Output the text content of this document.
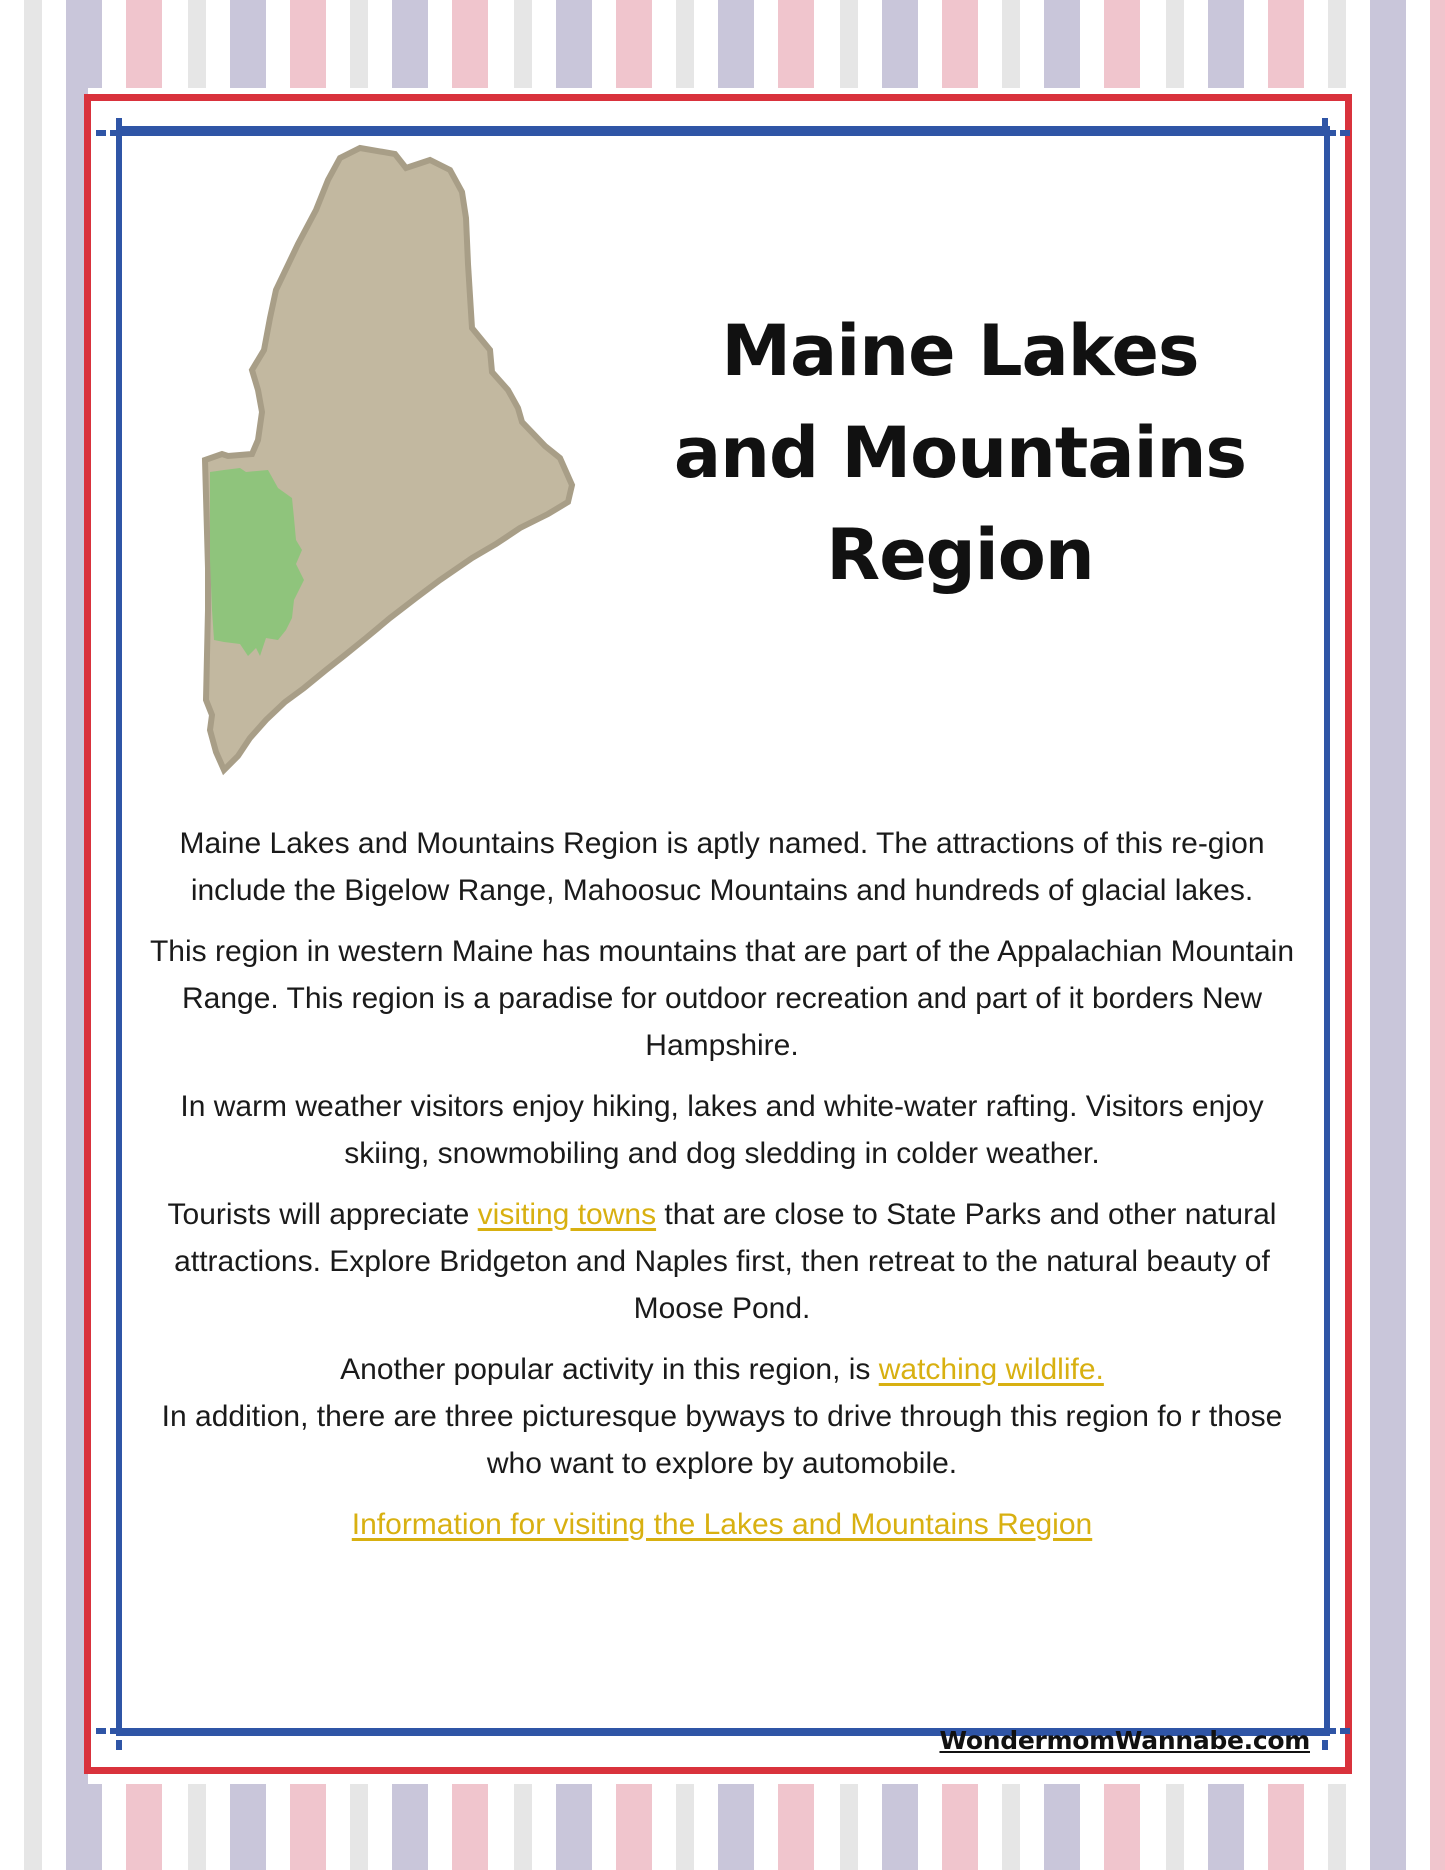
Maine Lakes
and Mountains
Region

Maine Lakes and Mountains Region is aptly named. The attractions of this re-gion include the Bigelow Range, Mahoosuc Mountains and hundreds of glacial lakes.

This region in western Maine has mountains that are part of the Appalachian Mountain Range. This region is a paradise for outdoor recreation and part of it borders New Hampshire.

In warm weather visitors enjoy hiking, lakes and white-water rafting. Visitors enjoy skiing, snowmobiling and dog sledding in colder weather.

Tourists will appreciate visiting towns that are close to State Parks and other natural attractions. Explore Bridgeton and Naples first, then retreat to the natural beauty of Moose Pond.

Another popular activity in this region, is watching wildlife.

In addition, there are three picturesque byways to drive through this region fo r those who want to explore by automobile.

Information for visiting the Lakes and Mountains Region

WondermomWannabe.com
